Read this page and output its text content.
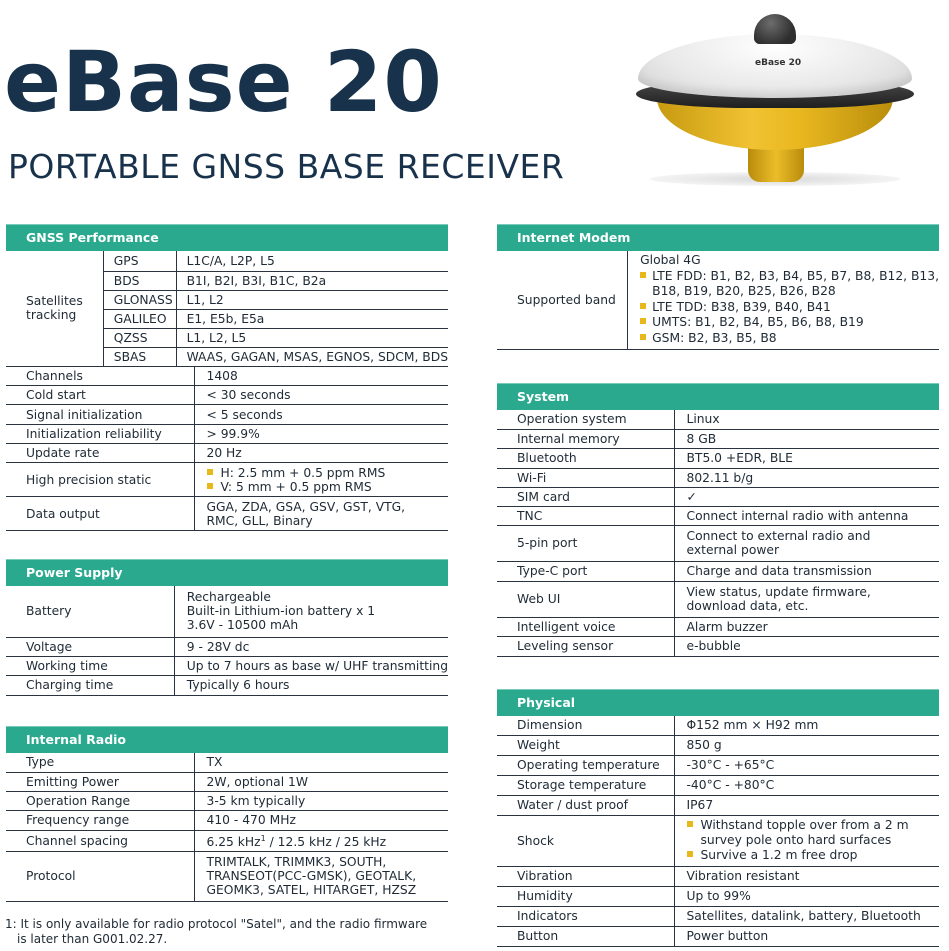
eBase 20
PORTABLE GNSS BASE RECEIVER
eBase 20
GNSS Performance
Satellites tracking	GPS	L1C/A, L2P, L5
	BDS	B1I, B2I, B3I, B1C, B2a
	GLONASS	L1, L2
	GALILEO	E1, E5b, E5a
	QZSS	L1, L2, L5
	SBAS	WAAS, GAGAN, MSAS, EGNOS, SDCM, BDS
Channels	1408
Cold start	< 30 seconds
Signal initialization	< 5 seconds
Initialization reliability	> 99.9%
Update rate	20 Hz
High precision static	H: 2.5 mm + 0.5 ppm RMS
V: 5 mm + 0.5 ppm RMS

Data output	GGA, ZDA, GSA, GSV, GST, VTG,
RMC, GLL, Binary
Power Supply
Battery	Rechargeable
Built-in Lithium-ion battery x 1
3.6V - 10500 mAh

Voltage	9 - 28V dc
Working time	Up to 7 hours as base w/ UHF transmitting
Charging time	Typically 6 hours
Internal Radio
Type	TX
Emitting Power	2W, optional 1W
Operation Range	3-5 km typically
Frequency range	410 - 470 MHz
Channel spacing	6.25 kHz$^1$ / 12.5 kHz / 25 kHz
Protocol	TRIMTALK, TRIMMK3, SOUTH,
TRANSEOT(PCC-GMSK), GEOTALK,
GEOMK3, SATEL, HITARGET, HZSZ
1: It is only available for radio protocol "Satel", and the radio firmware
is later than G001.02.27.
Internet Modem
Supported band	
Global 4G
LTE FDD: B1, B2, B3, B4, B5, B7, B8, B12, B13,
B18, B19, B20, B25, B26, B28
LTE TDD: B38, B39, B40, B41
UMTS: B1, B2, B4, B5, B6, B8, B19
GSM: B2, B3, B5, B8
System
Operation system	Linux
Internal memory	8 GB
Bluetooth	BT5.0 +EDR, BLE
Wi-Fi	802.11 b/g
SIM card	✓
TNC	Connect internal radio with antenna
5-pin port	Connect to external radio and
external power

Type-C port	Charge and data transmission
Web UI	View status, update firmware,
download data, etc.

Intelligent voice	Alarm buzzer
Leveling sensor	e-bubble
Physical
Dimension	Φ152 mm × H92 mm
Weight	850 g
Operating temperature	-30°C - +65°C
Storage temperature	-40°C - +80°C
Water / dust proof	IP67
Shock	Withstand topple over from a 2 m
survey pole onto hard surfaces
Survive a 1.2 m free drop

Vibration	Vibration resistant
Humidity	Up to 99%
Indicators	Satellites, datalink, battery, Bluetooth
Button	Power button
